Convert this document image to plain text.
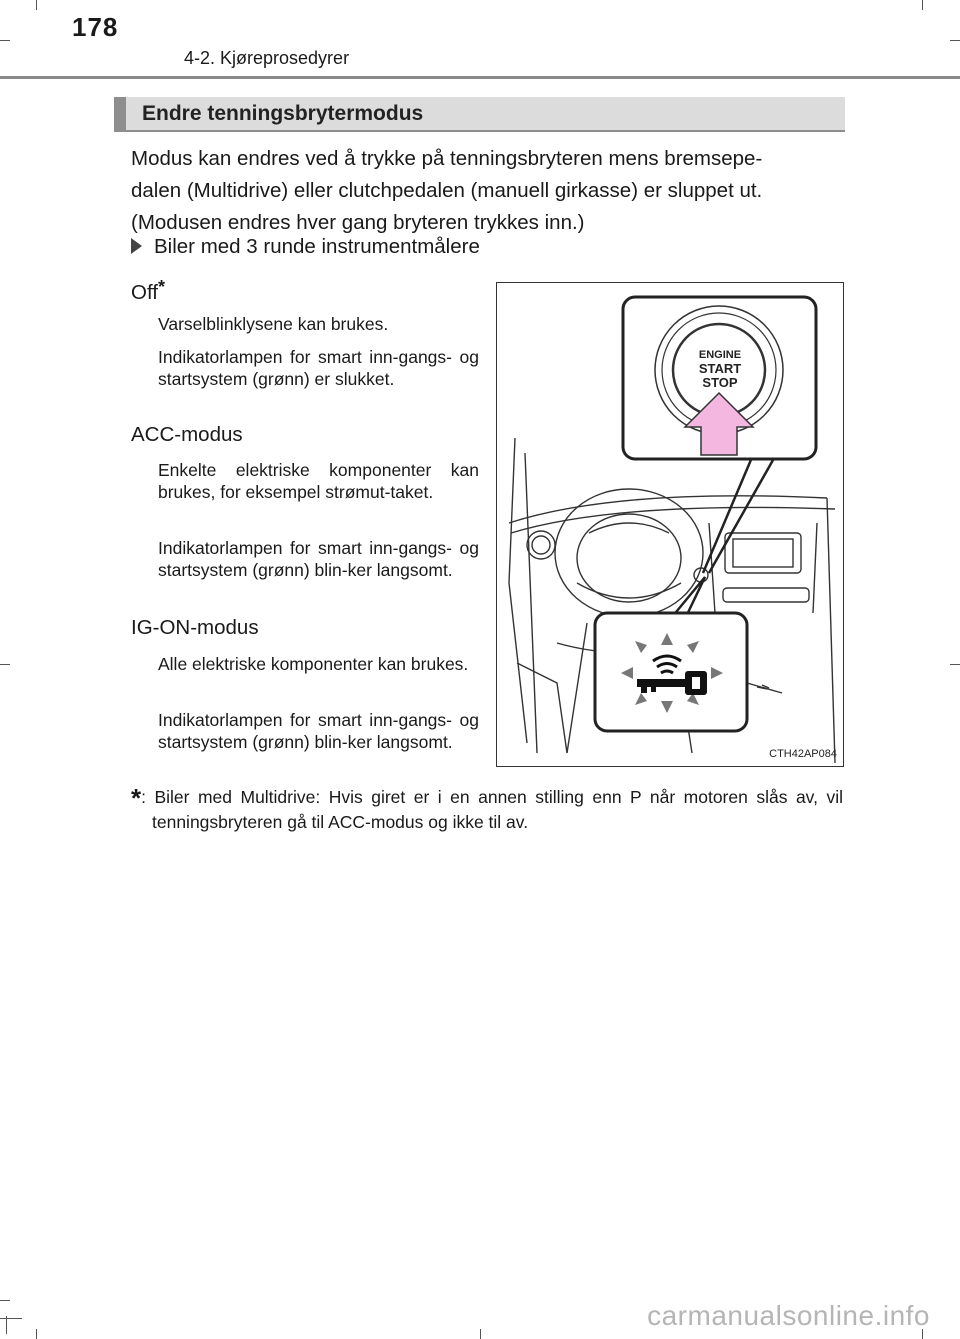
178
4-2. Kjøreprosedyrer
Endre tenningsbrytermodus

Modus kan endres ved å trykke på tenningsbryteren mens bremsepe-
dalen (Multidrive) eller clutchpedalen (manuell girkasse) er sluppet ut.
(Modusen endres hver gang bryteren trykkes inn.)

Biler med 3 runde instrumentmålere
Off*

Varselblinklysene kan brukes.

Indikatorlampen for smart inn-gangs- og startsystem (grønn) er slukket.

ACC-modus

Enkelte elektriske komponenter kan brukes, for eksempel strømut-taket.

Indikatorlampen for smart inn-gangs- og startsystem (grønn) blin-ker langsomt.

IG-ON-modus

Alle elektriske komponenter kan brukes.

Indikatorlampen for smart inn-gangs- og startsystem (grønn) blin-ker langsomt.

*: Biler med Multidrive: Hvis giret er i en annen stilling enn P når motoren slås av, vil tenningsbryteren gå til ACC-modus og ikke til av.

ENGINE
START
STOP
CTH42AP084
carmanualsonline.info
